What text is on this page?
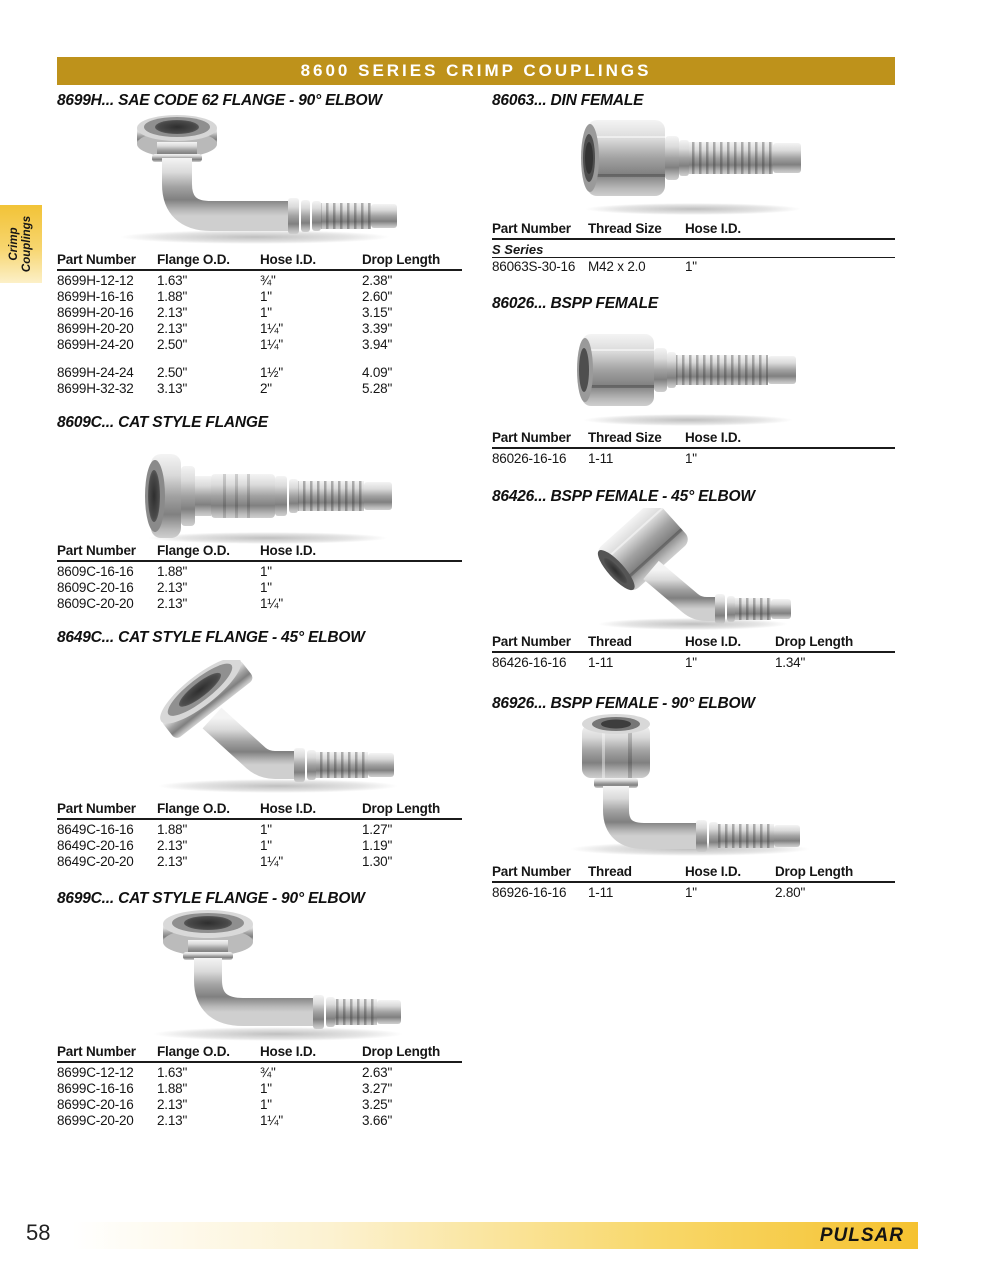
8600 SERIES CRIMP COUPLINGS
Crimp Couplings
8699H... SAE CODE 62 FLANGE - 90° ELBOW
Part Number	Flange O.D.	Hose I.D.	Drop Length
8699H-12-12	1.63"	¾"	2.38"
8699H-16-16	1.88"	1"	2.60"
8699H-20-16	2.13"	1"	3.15"
8699H-20-20	2.13"	1¼"	3.39"
8699H-24-20	2.50"	1¼"	3.94"
8699H-24-24	2.50"	1½"	4.09"
8699H-32-32	3.13"	2"	5.28"
8609C... CAT STYLE FLANGE
Part Number	Flange O.D.	Hose I.D.
8609C-16-16	1.88"	1"
8609C-20-16	2.13"	1"
8609C-20-20	2.13"	1¼"
8649C... CAT STYLE FLANGE - 45° ELBOW
Part Number	Flange O.D.	Hose I.D.	Drop Length
8649C-16-16	1.88"	1"	1.27"
8649C-20-16	2.13"	1"	1.19"
8649C-20-20	2.13"	1¼"	1.30"
8699C... CAT STYLE FLANGE - 90° ELBOW
Part Number	Flange O.D.	Hose I.D.	Drop Length
8699C-12-12	1.63"	¾"	2.63"
8699C-16-16	1.88"	1"	3.27"
8699C-20-16	2.13"	1"	3.25"
8699C-20-20	2.13"	1¼"	3.66"
86063... DIN FEMALE
Part Number	Thread Size	Hose I.D.
S Series
86063S-30-16 M42 x 2.0	1"
86026... BSPP FEMALE
Part Number	Thread Size	Hose I.D.
86026-16-16	1-11	1"
86426... BSPP FEMALE - 45° ELBOW
Part Number	Thread	Hose I.D.	Drop Length
86426-16-16	1-11	1"	1.34"
86926... BSPP FEMALE - 90° ELBOW
Part Number	Thread	Hose I.D.	Drop Length
86926-16-16	1-11	1"	2.80"
58	PULSAR
